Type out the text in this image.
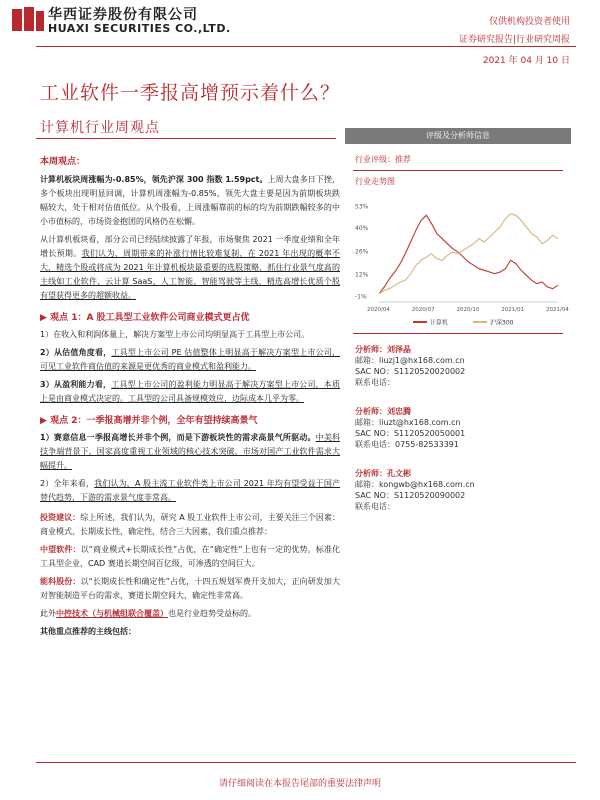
华西证券股份有限公司
HUAXI SECURITIES CO.,LTD.	仅供机构投资者使用
证券研究报告|行业研究周报
2021 年 04 月 10 日
工业软件一季报高增预示着什么？
计算机行业周观点
本周观点：
计算机板块周涨幅为-0.85%，领先沪深 300 指数 1.59pct。上周大盘多日下挫，多个板块出现明显回调，计算机周涨幅为-0.85%，领先大盘主要是因为前期板块跌幅较大，处于相对估值低位。从个股看，上周涨幅靠前的标的均为前期跌幅较多的中小市值标的，市场资金抱团的风格仍在松懈。
从计算机板块看，部分公司已经陆续披露了年报，市场聚焦 2021 一季度业绩和全年增长预期。我们认为，周期带来的补涨行情比较难复制，在 2021 年出现的概率不大，精选个股或将成为 2021 年计算机板块最重要的选股策略，抓住行业景气度高的主线如工业软件、云计算 SaaS、人工智能、智能驾驶等主线，精选高增长优质个股有望获得更多的超额收益。
▶ 观点 1：A 股工具型工业软件公司商业模式更占优
1）在收入和利润体量上，解决方案型上市公司均明显高于工具型上市公司。
2）从估值角度看，工具型上市公司 PE 估值整体上明显高于解决方案型上市公司，可见工业软件商估值的来源是更优秀的商业模式和盈利能力。
3）从盈利能力看，工具型上市公司的盈利能力明显高于解决方案型上市公司，本质上是由商业模式决定的。工具型的公司具备规模效应，边际成本几乎为零。
▶ 观点 2：一季报高增并非个例，全年有望持续高景气
1）赛意信息一季报高增长并非个例，而是下游板块性的需求高景气所驱动。中美科技争端背景下，国家高度重视工业领域的核心技术突破，市场对国产工业软件需求大幅提升。
2）全年来看，我们认为，A 股主流工业软件类上市公司 2021 年均有望受益于国产替代趋势，下游的需求景气度非常高。
投资建议：综上所述，我们认为，研究 A 股工业软件上市公司，主要关注三个因素：商业模式、长期成长性，确定性，结合三大因素，我们重点推荐：
中望软件：以“商业模式+长期成长性”占优，在“确定性”上也有一定的优势。标准化工具型企业，CAD 赛道长期空间百亿级，可渗透的空间巨大。
能科股份：以“长期成长性和确定性”占优，十四五规划军费开支加大，正向研发加大对智能制造平台的需求，赛道长期空间大，确定性非常高。
此外中控技术（与机械组联合覆盖）也是行业趋势受益标的。
其他重点推荐的主线包括：
评级及分析师信息
行业评级：推荐
行业走势图
53%
40%
26%
12%
-1%
2020/04	2020/07	2020/10	2021/01	2021/04
计算机	沪深300
分析师：刘泽晶
邮箱：liuzj1@hx168.com.cn
SAC NO：S1120520020002
联系电话：
分析师：刘忠腾
邮箱：liuzt@hx168.com.cn
SAC NO：S1120520050001
联系电话：0755-82533391
分析师：孔文彬
邮箱：kongwb@hx168.com.cn
SAC NO：S1120520090002
联系电话：
请仔细阅读在本报告尾部的重要法律声明
